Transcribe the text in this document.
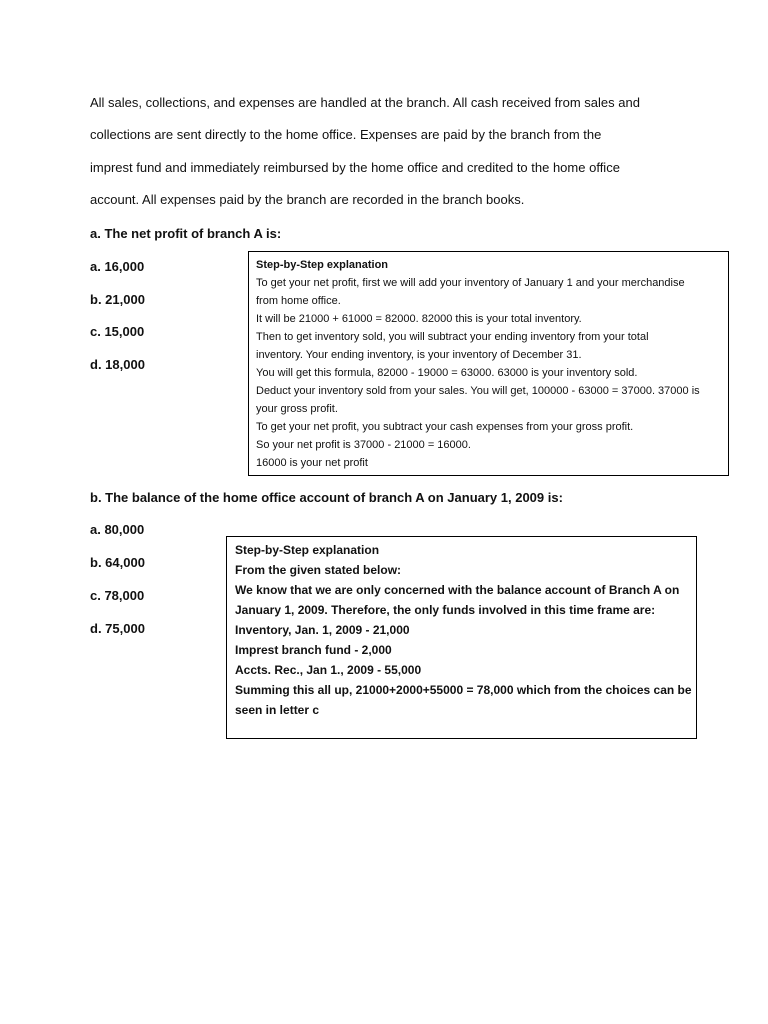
All sales, collections, and expenses are handled at the branch. All cash received from sales and
collections are sent directly to the home office. Expenses are paid by the branch from the
imprest fund and immediately reimbursed by the home office and credited to the home office
account. All expenses paid by the branch are recorded in the branch books.
a. The net profit of branch A is:
a. 16,000
b. 21,000
c. 15,000
d. 18,000
Step-by-Step explanation
To get your net profit, first we will add your inventory of January 1 and your merchandise
from home office.
It will be 21000 + 61000 = 82000. 82000 this is your total inventory.
Then to get inventory sold, you will subtract your ending inventory from your total
inventory. Your ending inventory, is your inventory of December 31.
You will get this formula, 82000 - 19000 = 63000. 63000 is your inventory sold.
Deduct your inventory sold from your sales. You will get, 100000 - 63000 = 37000. 37000 is
your gross profit.
To get your net profit, you subtract your cash expenses from your gross profit.
So your net profit is 37000 - 21000 = 16000.
16000 is your net profit
b. The balance of the home office account of branch A on January 1, 2009 is:
a. 80,000
b. 64,000
c. 78,000
d. 75,000
Step-by-Step explanation
From the given stated below:
We know that we are only concerned with the balance account of Branch A on
January 1, 2009. Therefore, the only funds involved in this time frame are:
Inventory, Jan. 1, 2009 - 21,000
Imprest branch fund - 2,000
Accts. Rec., Jan 1., 2009 - 55,000
Summing this all up, 21000+2000+55000 = 78,000 which from the choices can be
seen in letter c
